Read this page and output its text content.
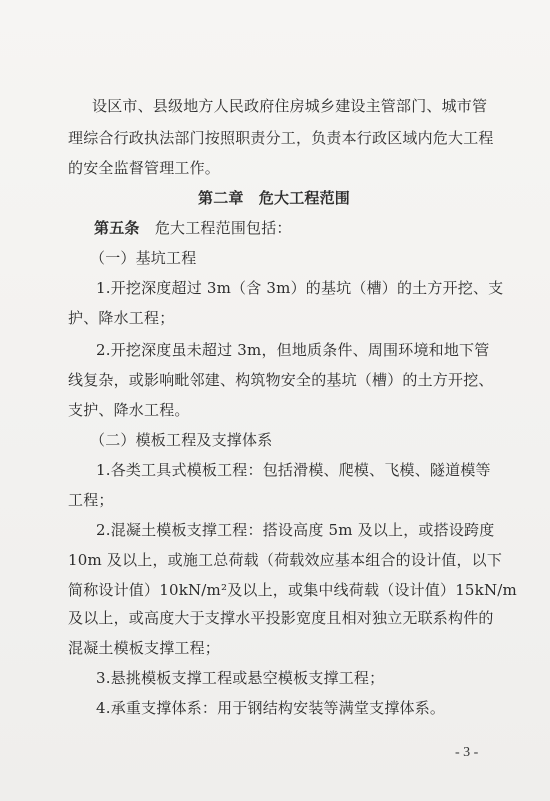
设区市、县级地方人民政府住房城乡建设主管部门、城市管
理综合行政执法部门按照职责分工，负责本行政区域内危大工程
的安全监督管理工作。
第二章　危大工程范围
第五条　 危大工程范围包括：
（一）基坑工程
1.开挖深度超过 3m（含 3m）的基坑（槽）的土方开挖、支
护、降水工程；
2.开挖深度虽未超过 3m，但地质条件、周围环境和地下管
线复杂，或影响毗邻建、构筑物安全的基坑（槽）的土方开挖、
支护、降水工程。
（二）模板工程及支撑体系
1.各类工具式模板工程：包括滑模、爬模、飞模、隧道模等
工程；
2.混凝土模板支撑工程：搭设高度 5m 及以上，或搭设跨度
10m 及以上，或施工总荷载（荷载效应基本组合的设计值，以下
简称设计值）10kN/m²及以上，或集中线荷载（设计值）15kN/m
及以上，或高度大于支撑水平投影宽度且相对独立无联系构件的
混凝土模板支撑工程；
3.悬挑模板支撑工程或悬空模板支撑工程；
4.承重支撑体系：用于钢结构安装等满堂支撑体系。
- 3 -
